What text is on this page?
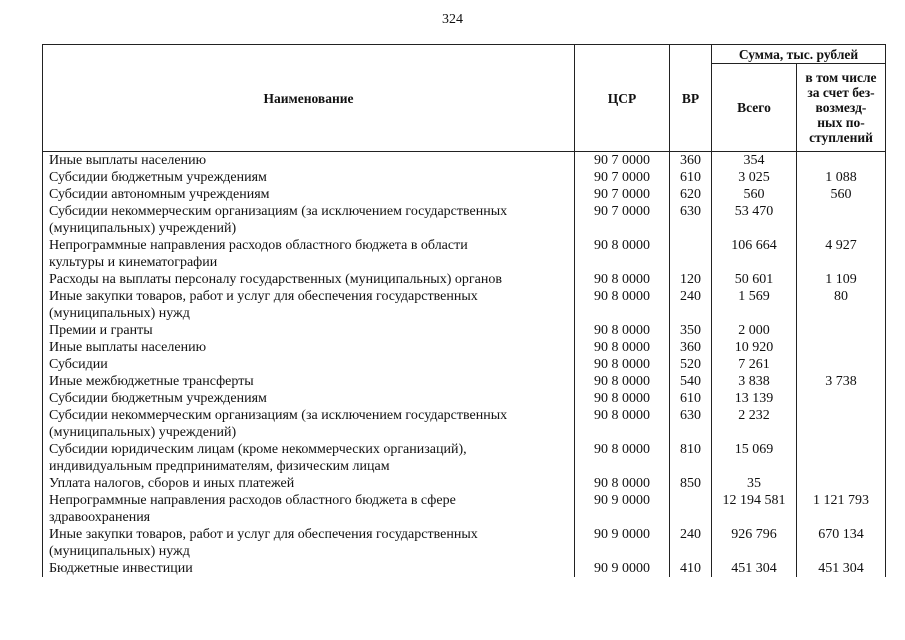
324
Наименование	ЦСР	ВР	Сумма, тыс. рублей	
			Всего	в том числе
за счет без-
возмезд-
ных по-
ступлений
Иные выплаты населению	90 7 0000	360	354	
Субсидии бюджетным учреждениям	90 7 0000	610	3 025	1 088
Субсидии автономным учреждениям	90 7 0000	620	560	560
Субсидии некоммерческим организациям (за исключением государственных
(муниципальных) учреждений)	90 7 0000	630	53 470	
Непрограммные направления расходов областного бюджета в области
культуры и кинематографии	90 8 0000		106 664	4 927
Расходы на выплаты персоналу государственных (муниципальных) органов	90 8 0000	120	50 601	1 109
Иные закупки товаров, работ и услуг для обеспечения государственных
(муниципальных) нужд	90 8 0000	240	1 569	80
Премии и гранты	90 8 0000	350	2 000	
Иные выплаты населению	90 8 0000	360	10 920	
Субсидии	90 8 0000	520	7 261	
Иные межбюджетные трансферты	90 8 0000	540	3 838	3 738
Субсидии бюджетным учреждениям	90 8 0000	610	13 139	
Субсидии некоммерческим организациям (за исключением государственных
(муниципальных) учреждений)	90 8 0000	630	2 232	
Субсидии юридическим лицам (кроме некоммерческих организаций),
индивидуальным предпринимателям, физическим лицам	90 8 0000	810	15 069	
Уплата налогов, сборов и иных платежей	90 8 0000	850	35	
Непрограммные направления расходов областного бюджета в сфере
здравоохранения	90 9 0000		12 194 581	1 121 793
Иные закупки товаров, работ и услуг для обеспечения государственных
(муниципальных) нужд	90 9 0000	240	926 796	670 134
Бюджетные инвестиции	90 9 0000	410	451 304	451 304
